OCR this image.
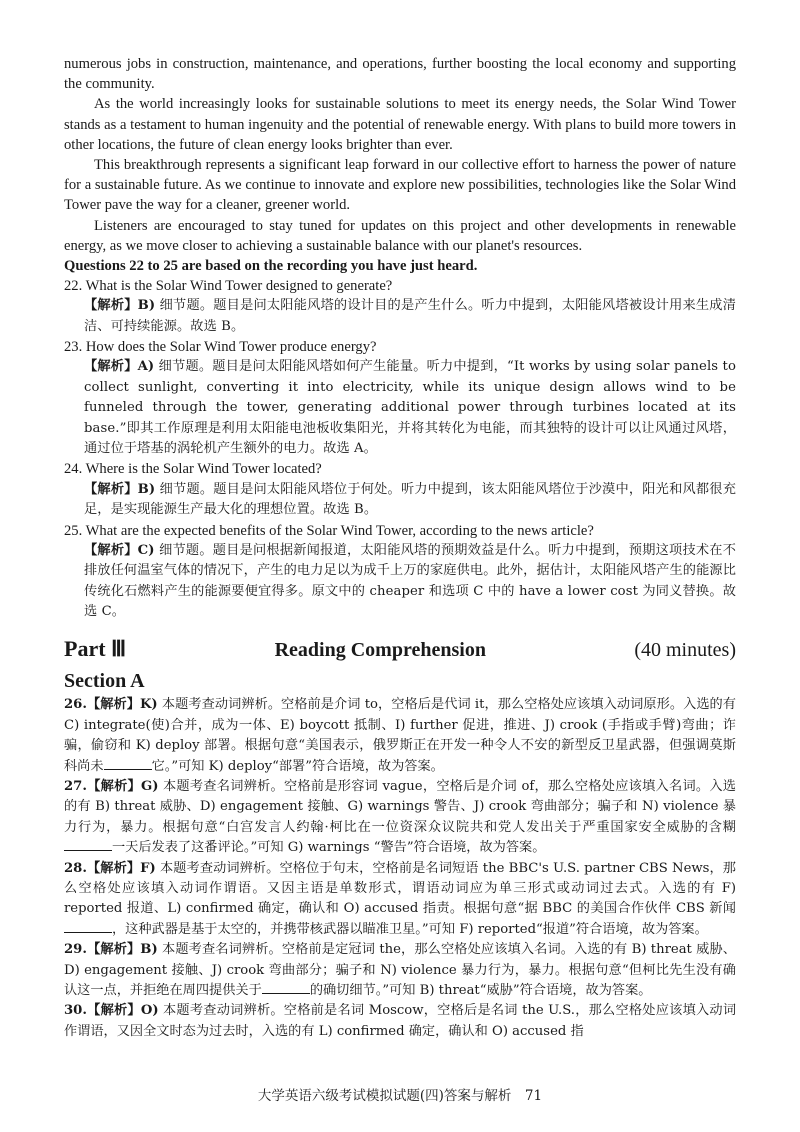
numerous jobs in construction, maintenance, and operations, further boosting the local economy and supporting the community.

As the world increasingly looks for sustainable solutions to meet its energy needs, the Solar Wind Tower stands as a testament to human ingenuity and the potential of renewable energy. With plans to build more towers in other locations, the future of clean energy looks brighter than ever.

This breakthrough represents a significant leap forward in our collective effort to harness the power of nature for a sustainable future. As we continue to innovate and explore new possibilities, technologies like the Solar Wind Tower pave the way for a cleaner, greener world.

Listeners are encouraged to stay tuned for updates on this project and other developments in renewable energy, as we move closer to achieving a sustainable balance with our planet's resources.

Questions 22 to 25 are based on the recording you have just heard.

22. What is the Solar Wind Tower designed to generate?

【解析】B) 细节题。题目是问太阳能风塔的设计目的是产生什么。听力中提到，太阳能风塔被设计用来生成清洁、可持续能源。故选 B。

23. How does the Solar Wind Tower produce energy?

【解析】A) 细节题。题目是问太阳能风塔如何产生能量。听力中提到，“It works by using solar panels to collect sunlight, converting it into electricity, while its unique design allows wind to be funneled through the tower, generating additional power through turbines located at its base.”即其工作原理是利用太阳能电池板收集阳光，并将其转化为电能，而其独特的设计可以让风通过风塔，通过位于塔基的涡轮机产生额外的电力。故选 A。

24. Where is the Solar Wind Tower located?

【解析】B) 细节题。题目是问太阳能风塔位于何处。听力中提到，该太阳能风塔位于沙漠中，阳光和风都很充足，是实现能源生产最大化的理想位置。故选 B。

25. What are the expected benefits of the Solar Wind Tower, according to the news article?

【解析】C) 细节题。题目是问根据新闻报道，太阳能风塔的预期效益是什么。听力中提到，预期这项技术在不排放任何温室气体的情况下，产生的电力足以为成千上万的家庭供电。此外，据估计，太阳能风塔产生的能源比传统化石燃料产生的能源要便宜得多。原文中的 cheaper 和选项 C 中的 have a lower cost 为同义替换。故选 C。

Part Ⅲ	Reading Comprehension	(40 minutes)
Section A

26.【解析】K) 本题考查动词辨析。空格前是介词 to，空格后是代词 it，那么空格处应该填入动词原形。入选的有 C) integrate(使)合并，成为一体、E) boycott 抵制、I) further 促进，推进、J) crook (手指或手臂)弯曲；诈骗，偷窃和 K) deploy 部署。根据句意“美国表示，俄罗斯正在开发一种令人不安的新型反卫星武器，但强调莫斯科尚未	它。”可知 K) deploy“部署”符合语境，故为答案。

27.【解析】G) 本题考查名词辨析。空格前是形容词 vague，空格后是介词 of，那么空格处应该填入名词。入选的有 B) threat 威胁、D) engagement 接触、G) warnings 警告、J) crook 弯曲部分；骗子和 N) violence 暴力行为，暴力。根据句意“白宫发言人约翰·柯比在一位资深众议院共和党人发出关于严重国家安全威胁的含糊一天后发表了这番评论。”可知 G) warnings “警告”符合语境，故为答案。

28.【解析】F) 本题考查动词辨析。空格位于句末，空格前是名词短语 the BBC's U.S. partner CBS News，那么空格处应该填入动词作谓语。又因主语是单数形式，谓语动词应为单三形式或动词过去式。入选的有 F) reported 报道、L) confirmed 确定，确认和 O) accused 指责。根据句意“据 BBC 的美国合作伙伴 CBS 新闻，这种武器是基于太空的，并携带核武器以瞄准卫星。”可知 F) reported“报道”符合语境，故为答案。

29.【解析】B) 本题考查名词辨析。空格前是定冠词 the，那么空格处应该填入名词。入选的有 B) threat 威胁、D) engagement 接触、J) crook 弯曲部分；骗子和 N) violence 暴力行为，暴力。根据句意“但柯比先生没有确认这一点，并拒绝在周四提供关于	的确切细节。”可知 B) threat“威胁”符合语境，故为答案。

30.【解析】O) 本题考查动词辨析。空格前是名词 Moscow，空格后是名词 the U.S.，那么空格处应该填入动词作谓语，又因全文时态为过去时，入选的有 L) confirmed 确定，确认和 O) accused 指

大学英语六级考试模拟试题(四)答案与解析　71
